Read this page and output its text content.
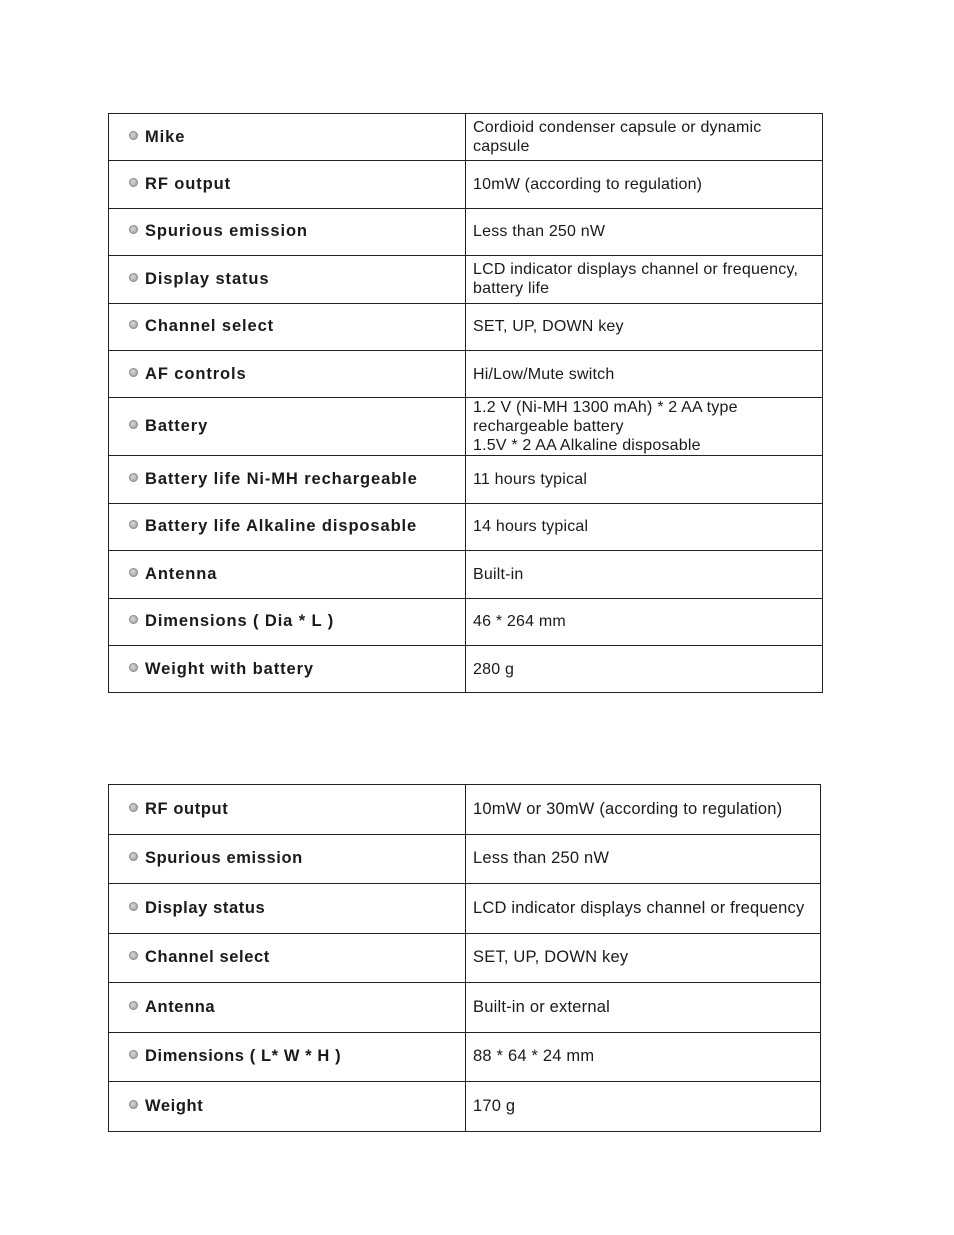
Mike	Cordioid condenser capsule or dynamic capsule
RF output	10mW (according to regulation)
Spurious emission	Less than 250 nW
Display status	LCD indicator displays channel or frequency, battery life
Channel select	SET, UP, DOWN key
AF controls	Hi/Low/Mute switch
Battery	1.2 V (Ni-MH 1300 mAh) * 2 AA type rechargeable battery
1.5V * 2 AA Alkaline disposable

Battery life Ni-MH rechargeable	11 hours typical
Battery life Alkaline disposable	14 hours typical
Antenna	Built-in
Dimensions ( Dia * L )	46 * 264 mm
Weight with battery	280 g
RF output	10mW or 30mW (according to regulation)
Spurious emission	Less than 250 nW
Display status	LCD indicator displays channel or frequency
Channel select	SET, UP, DOWN key
Antenna	Built-in or external
Dimensions ( L* W * H )	88 * 64 * 24 mm
Weight	170 g
